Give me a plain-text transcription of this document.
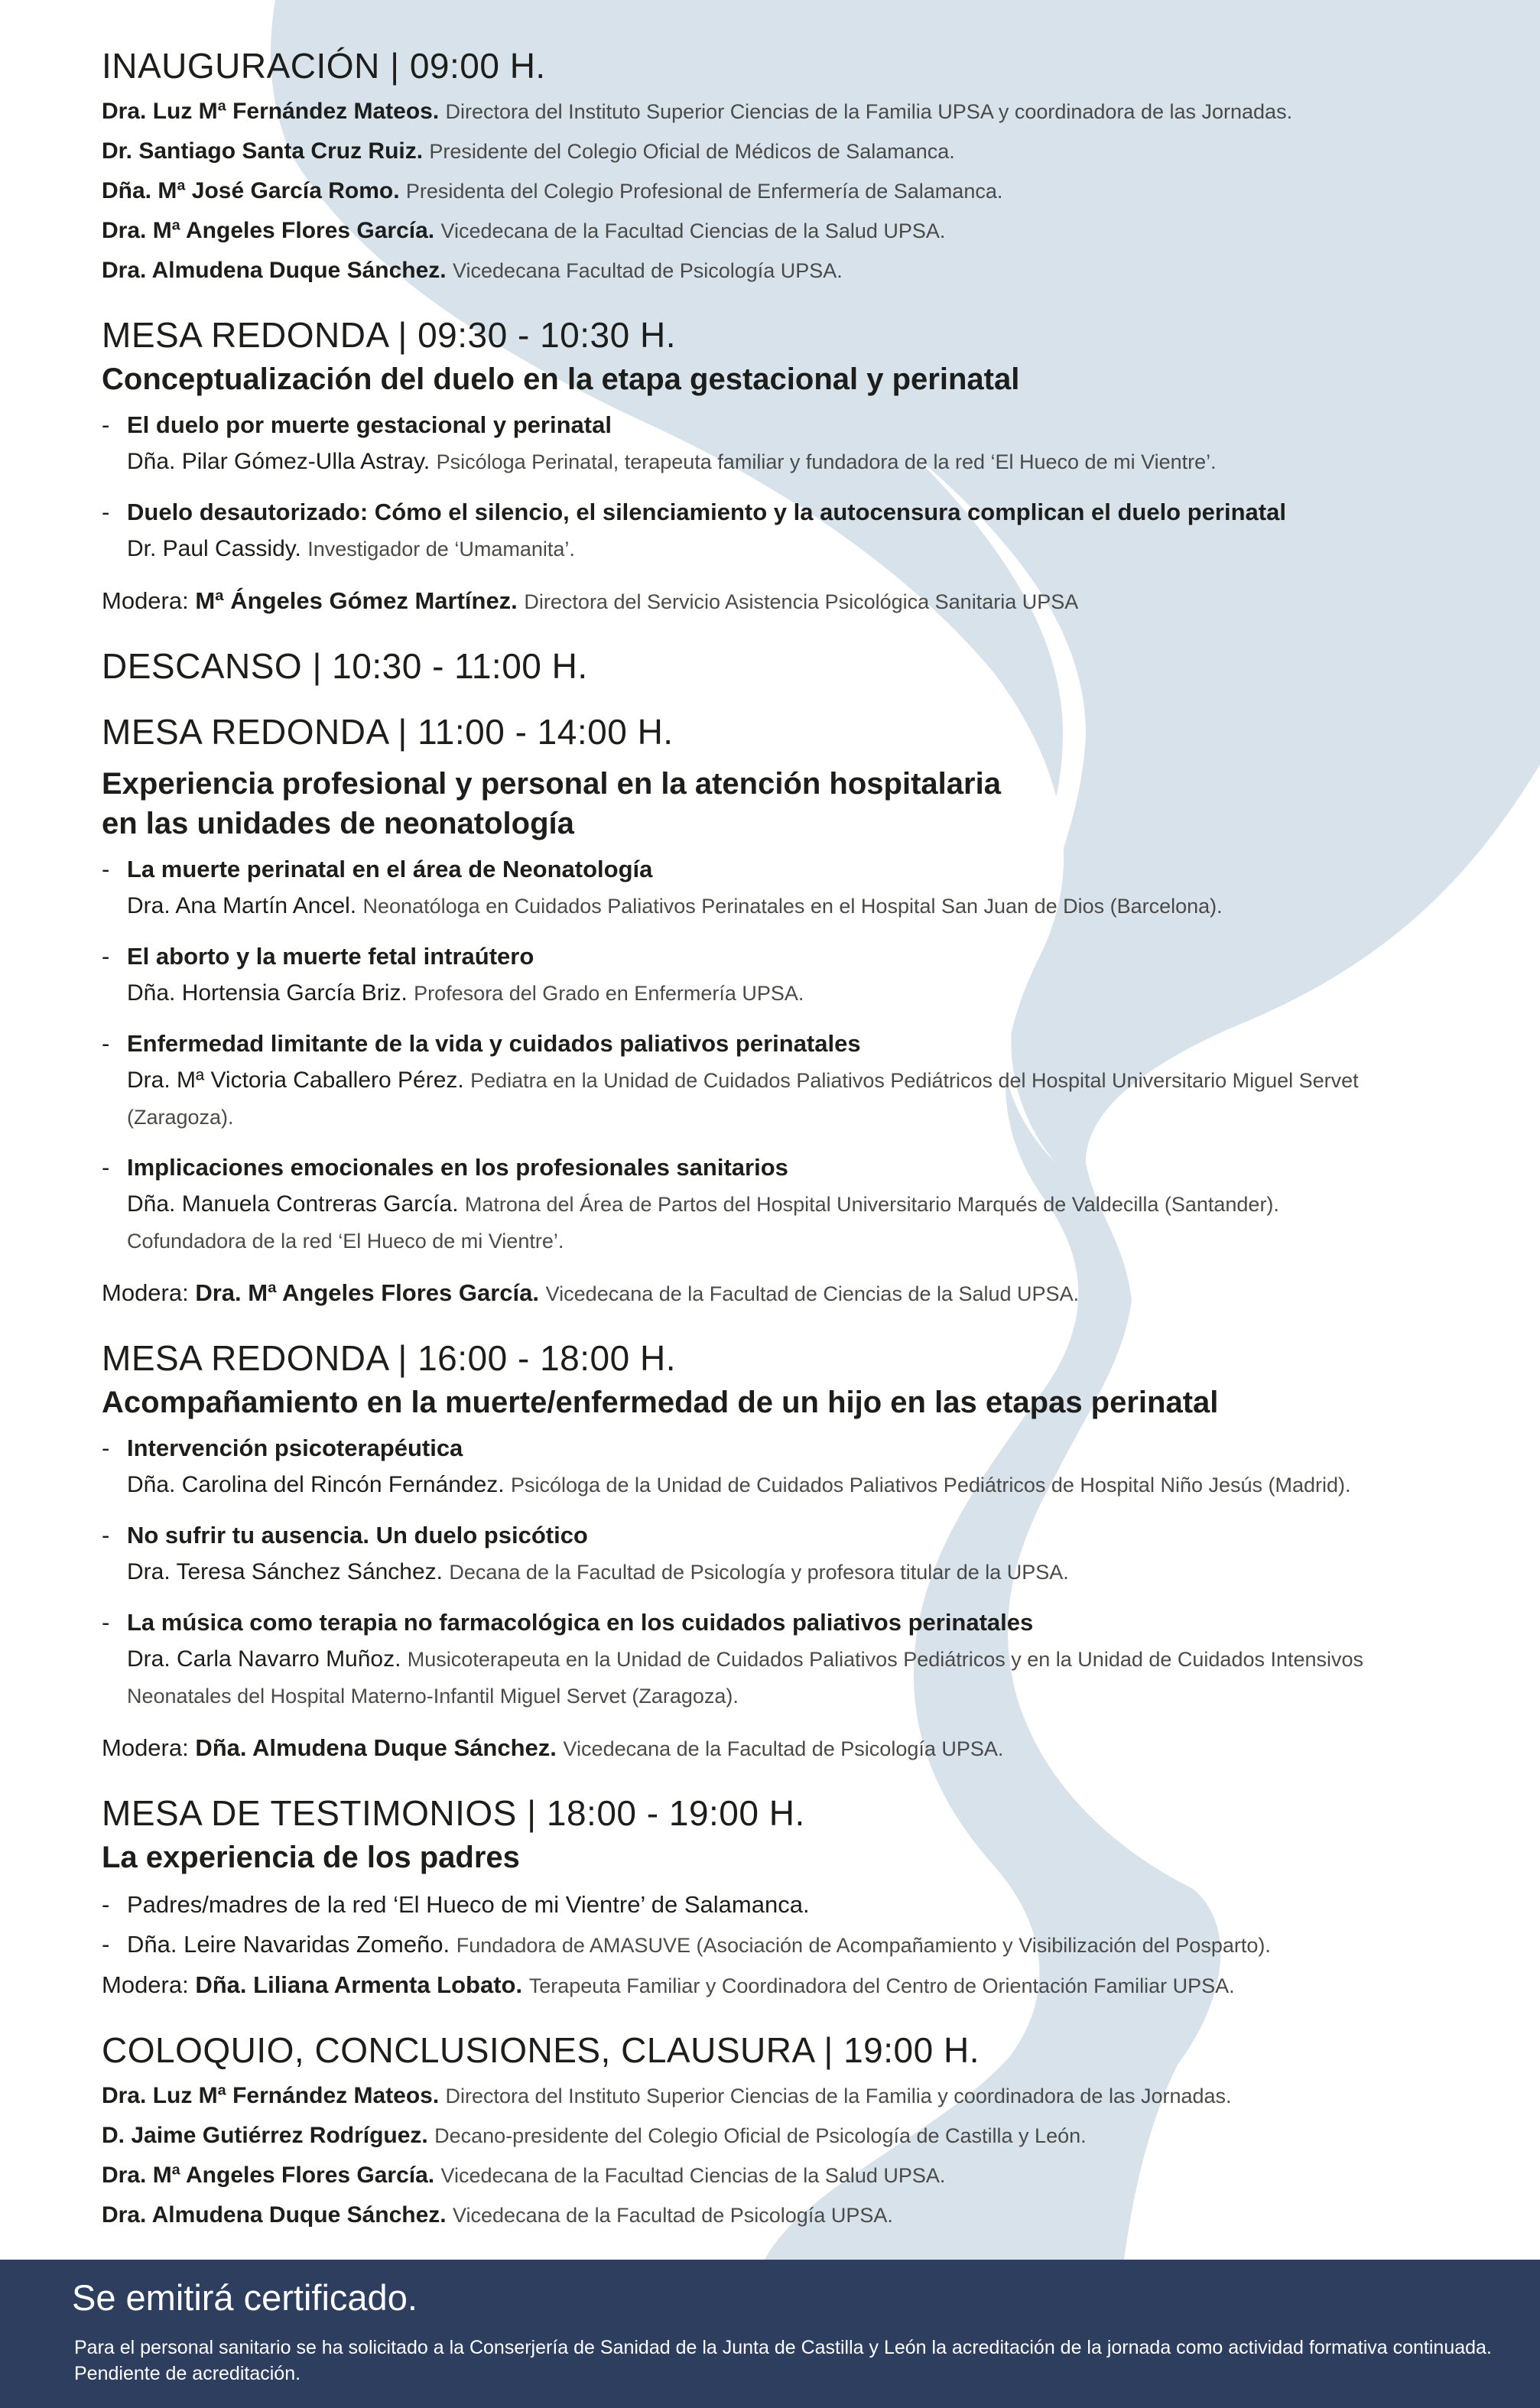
INAUGURACIÓN | 09:00 H.

Dra. Luz Mª Fernández Mateos. Directora del Instituto Superior Ciencias de la Familia UPSA y coordinadora de las Jornadas.

Dr. Santiago Santa Cruz Ruiz. Presidente del Colegio Oficial de Médicos de Salamanca.

Dña. Mª José García Romo. Presidenta del Colegio Profesional de Enfermería de Salamanca.

Dra. Mª Angeles Flores García. Vicedecana de la Facultad Ciencias de la Salud UPSA.

Dra. Almudena Duque Sánchez. Vicedecana Facultad de Psicología UPSA.

MESA REDONDA | 09:30 - 10:30 H.
Conceptualización del duelo en la etapa gestacional y perinatal
- El duelo por muerte gestacional y perinatal
Dña. Pilar Gómez-Ulla Astray. Psicóloga Perinatal, terapeuta familiar y fundadora de la red ‘El Hueco de mi Vientre’.
- Duelo desautorizado: Cómo el silencio, el silenciamiento y la autocensura complican el duelo perinatal
Dr. Paul Cassidy. Investigador de ‘Umamanita’.

Modera: Mª Ángeles Gómez Martínez. Directora del Servicio Asistencia Psicológica Sanitaria UPSA

DESCANSO | 10:30 - 11:00 H.
MESA REDONDA | 11:00 - 14:00 H.
Experiencia profesional y personal en la atención hospitalaria
en las unidades de neonatología
- La muerte perinatal en el área de Neonatología
Dra. Ana Martín Ancel. Neonatóloga en Cuidados Paliativos Perinatales en el Hospital San Juan de Dios (Barcelona).
- El aborto y la muerte fetal intraútero
Dña. Hortensia García Briz. Profesora del Grado en Enfermería UPSA.
- Enfermedad limitante de la vida y cuidados paliativos perinatales
Dra. Mª Victoria Caballero Pérez. Pediatra en la Unidad de Cuidados Paliativos Pediátricos del Hospital Universitario Miguel Servet
(Zaragoza).
- Implicaciones emocionales en los profesionales sanitarios
Dña. Manuela Contreras García. Matrona del Área de Partos del Hospital Universitario Marqués de Valdecilla (Santander).
Cofundadora de la red ‘El Hueco de mi Vientre’.

Modera: Dra. Mª Angeles Flores García. Vicedecana de la Facultad de Ciencias de la Salud UPSA.

MESA REDONDA | 16:00 - 18:00 H.
Acompañamiento en la muerte/enfermedad de un hijo en las etapas perinatal
- Intervención psicoterapéutica
Dña. Carolina del Rincón Fernández. Psicóloga de la Unidad de Cuidados Paliativos Pediátricos de Hospital Niño Jesús (Madrid).
- No sufrir tu ausencia. Un duelo psicótico
Dra. Teresa Sánchez Sánchez. Decana de la Facultad de Psicología y profesora titular de la UPSA.
- La música como terapia no farmacológica en los cuidados paliativos perinatales
Dra. Carla Navarro Muñoz. Musicoterapeuta en la Unidad de Cuidados Paliativos Pediátricos y en la Unidad de Cuidados Intensivos
Neonatales del Hospital Materno-Infantil Miguel Servet (Zaragoza).

Modera: Dña. Almudena Duque Sánchez. Vicedecana de la Facultad de Psicología UPSA.

MESA DE TESTIMONIOS | 18:00 - 19:00 H.
La experiencia de los padres
- Padres/madres de la red ‘El Hueco de mi Vientre’ de Salamanca.
- Dña. Leire Navaridas Zomeño. Fundadora de AMASUVE (Asociación de Acompañamiento y Visibilización del Posparto).

Modera: Dña. Liliana Armenta Lobato. Terapeuta Familiar y Coordinadora del Centro de Orientación Familiar UPSA.

COLOQUIO, CONCLUSIONES, CLAUSURA | 19:00 H.

Dra. Luz Mª Fernández Mateos. Directora del Instituto Superior Ciencias de la Familia y coordinadora de las Jornadas.

D. Jaime Gutiérrez Rodríguez. Decano-presidente del Colegio Oficial de Psicología de Castilla y León.

Dra. Mª Angeles Flores García. Vicedecana de la Facultad Ciencias de la Salud UPSA.

Dra. Almudena Duque Sánchez. Vicedecana de la Facultad de Psicología UPSA.

Se emitirá certificado.
Para el personal sanitario se ha solicitado a la Conserjería de Sanidad de la Junta de Castilla y León la acreditación de la jornada como actividad formativa continuada. Pendiente de acreditación.
